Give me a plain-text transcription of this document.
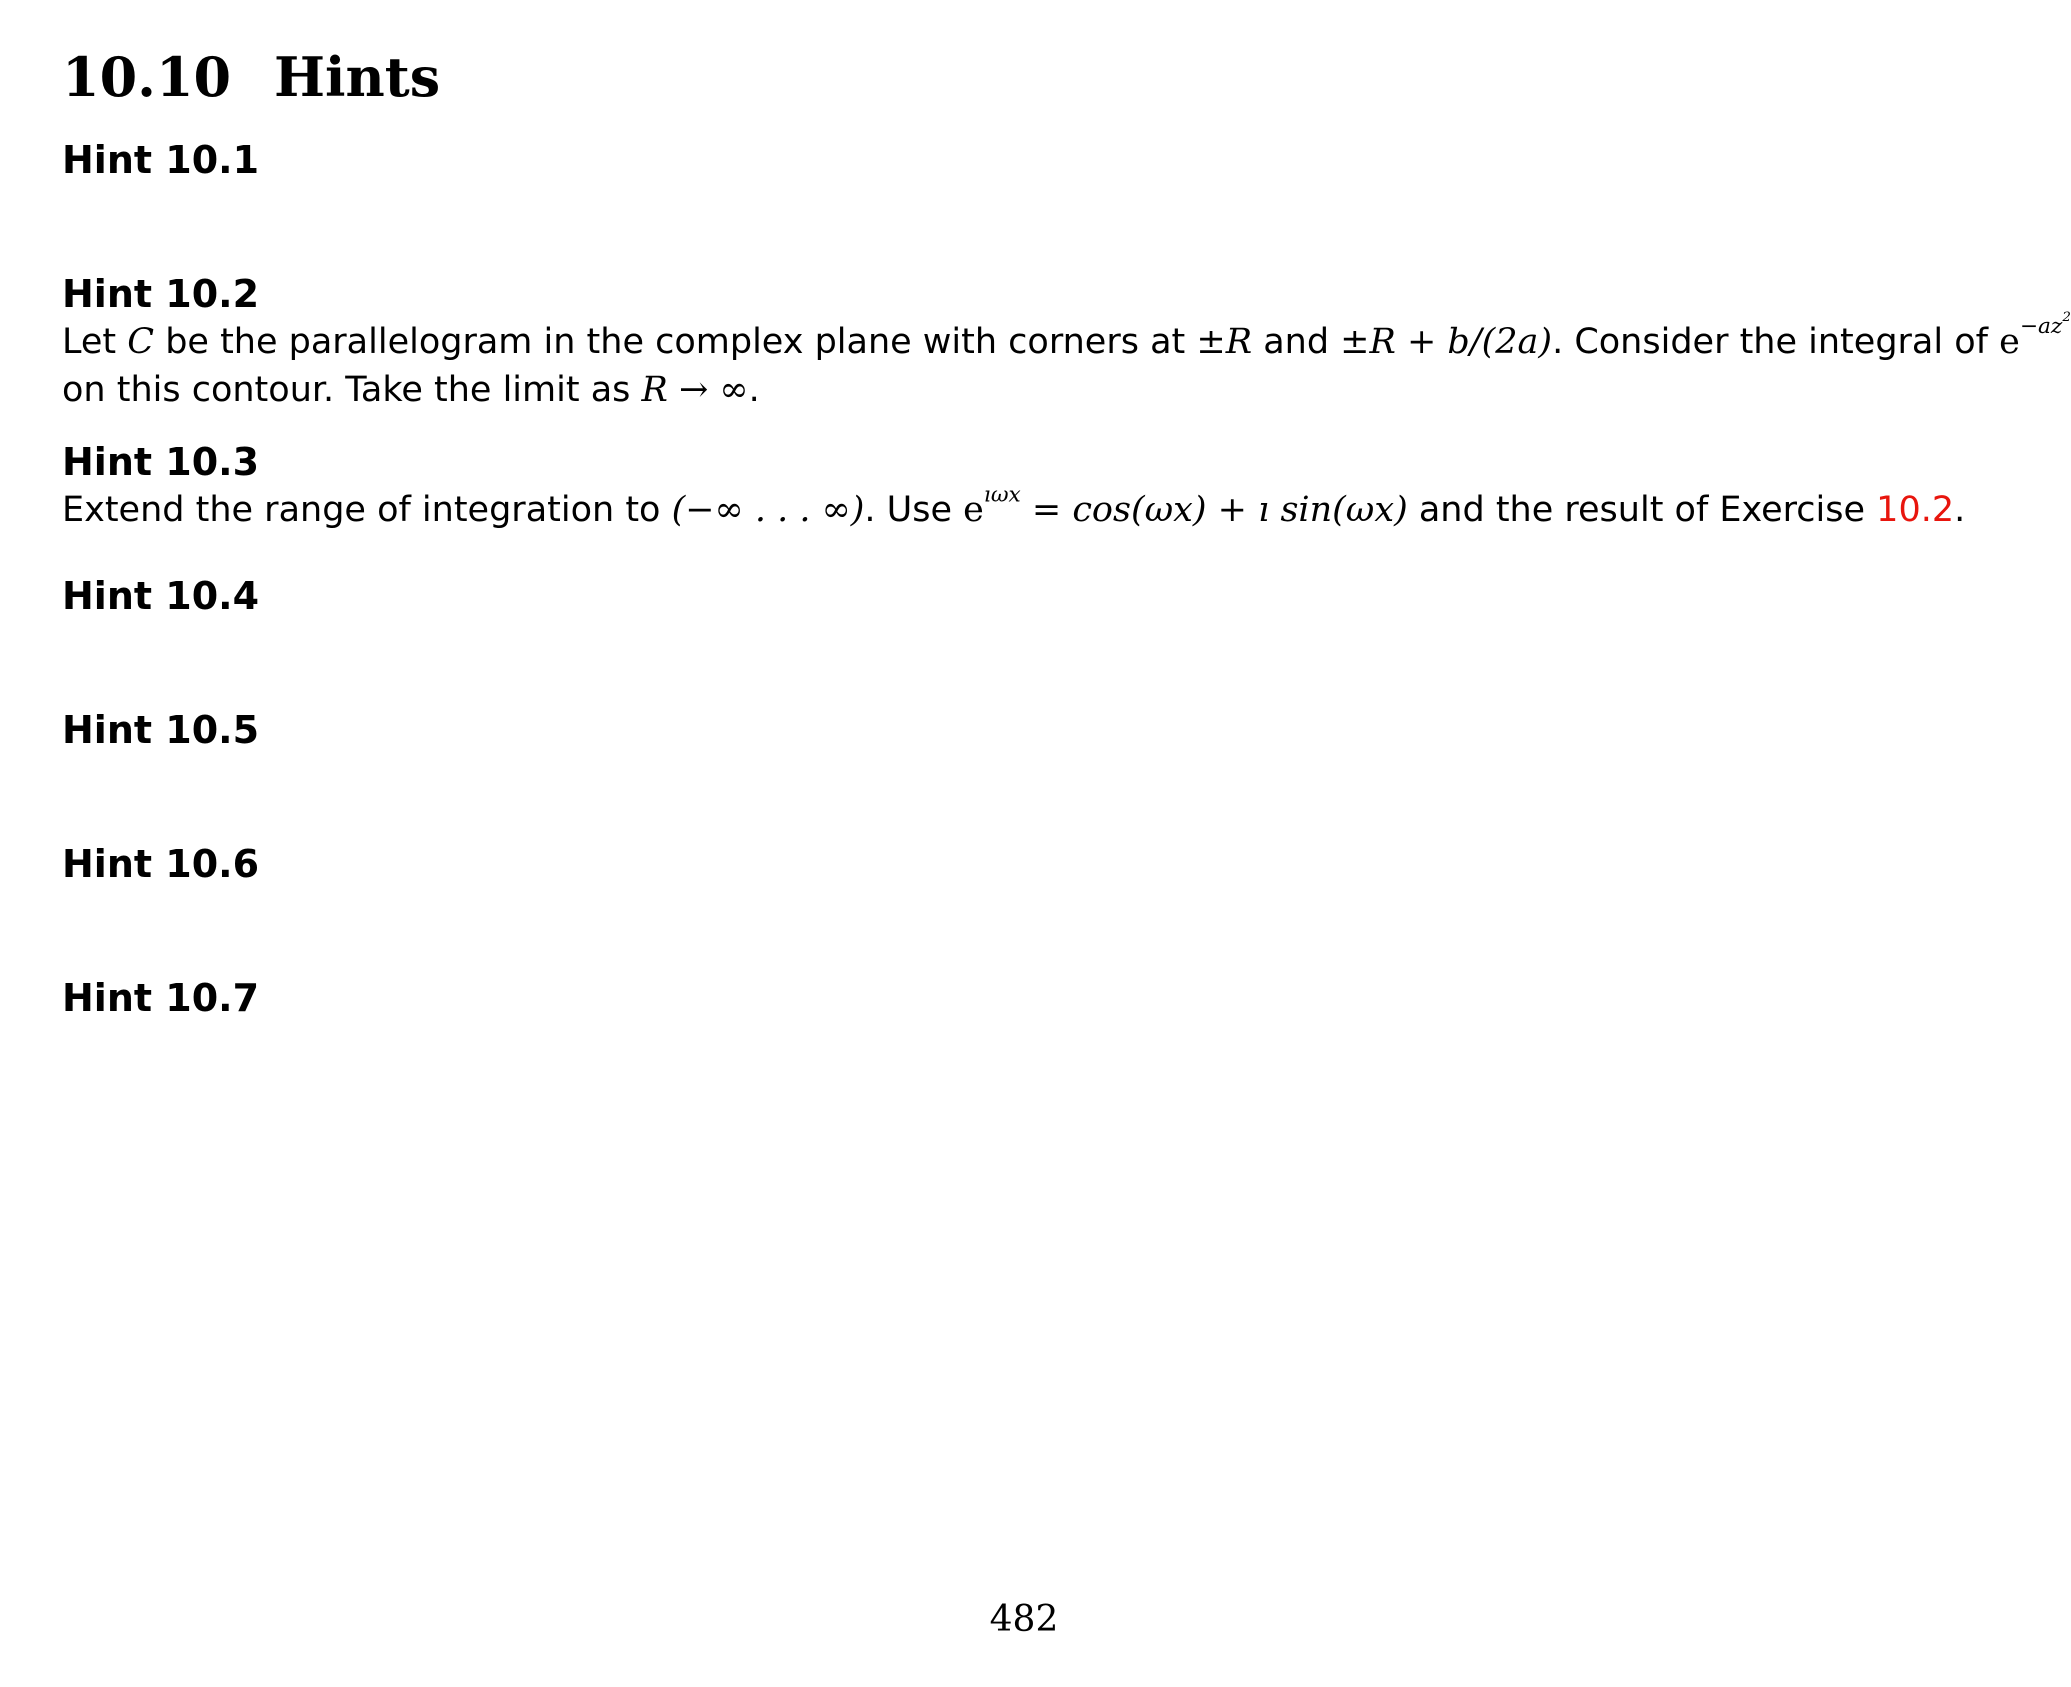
10.10 Hints

Hint 10.1

Hint 10.2

Let C be the parallelogram in the complex plane with corners at ±R and ±R + b/(2a). Consider the integral of $e^{-az^2}$

on this contour. Take the limit as R → ∞.

Hint 10.3

Extend the range of integration to (−∞ . . . ∞). Use $e^{ı\omega x} = \cos(\omega x)$ + ı sin(ωx) and the result of Exercise 10.2.

Hint 10.4

Hint 10.5

Hint 10.6

Hint 10.7

482
